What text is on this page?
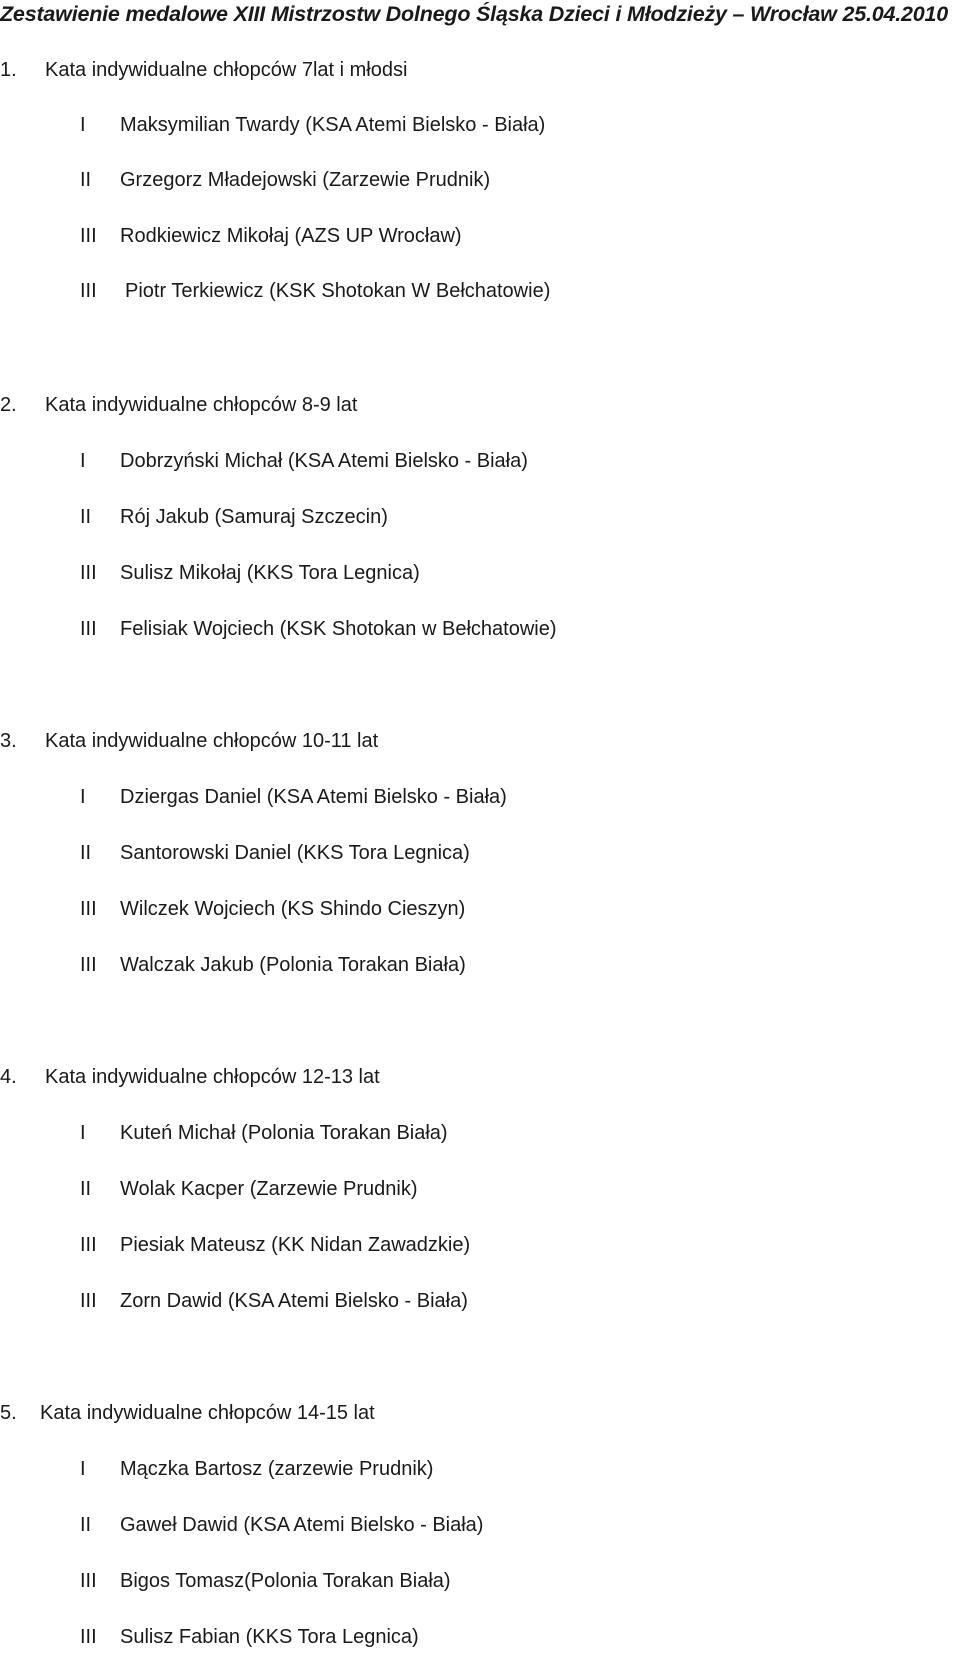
Zestawienie medalowe XIII Mistrzostw Dolnego Śląska Dzieci i Młodzieży – Wrocław 25.04.2010
1. Kata indywidualne chłopców 7lat i młodsi
I Maksymilian Twardy (KSA Atemi Bielsko - Biała)
II Grzegorz Mładejowski (Zarzewie Prudnik)
III Rodkiewicz Mikołaj (AZS UP Wrocław)
III Piotr Terkiewicz (KSK Shotokan W Bełchatowie)
2. Kata indywidualne chłopców 8-9 lat
I Dobrzyński Michał (KSA Atemi Bielsko - Biała)
II Rój Jakub (Samuraj Szczecin)
III Sulisz Mikołaj (KKS Tora Legnica)
III Felisiak Wojciech (KSK Shotokan w Bełchatowie)
3. Kata indywidualne chłopców 10-11 lat
I Dziergas Daniel (KSA Atemi Bielsko - Biała)
II Santorowski Daniel (KKS Tora Legnica)
III Wilczek Wojciech (KS Shindo Cieszyn)
III Walczak Jakub (Polonia Torakan Biała)
4. Kata indywidualne chłopców 12-13 lat
I Kuteń Michał (Polonia Torakan Biała)
II Wolak Kacper (Zarzewie Prudnik)
III Piesiak Mateusz (KK Nidan Zawadzkie)
III Zorn Dawid (KSA Atemi Bielsko - Biała)
5. Kata indywidualne chłopców 14-15 lat
I Mączka Bartosz (zarzewie Prudnik)
II Gaweł Dawid (KSA Atemi Bielsko - Biała)
III Bigos Tomasz(Polonia Torakan Biała)
III Sulisz Fabian (KKS Tora Legnica)
